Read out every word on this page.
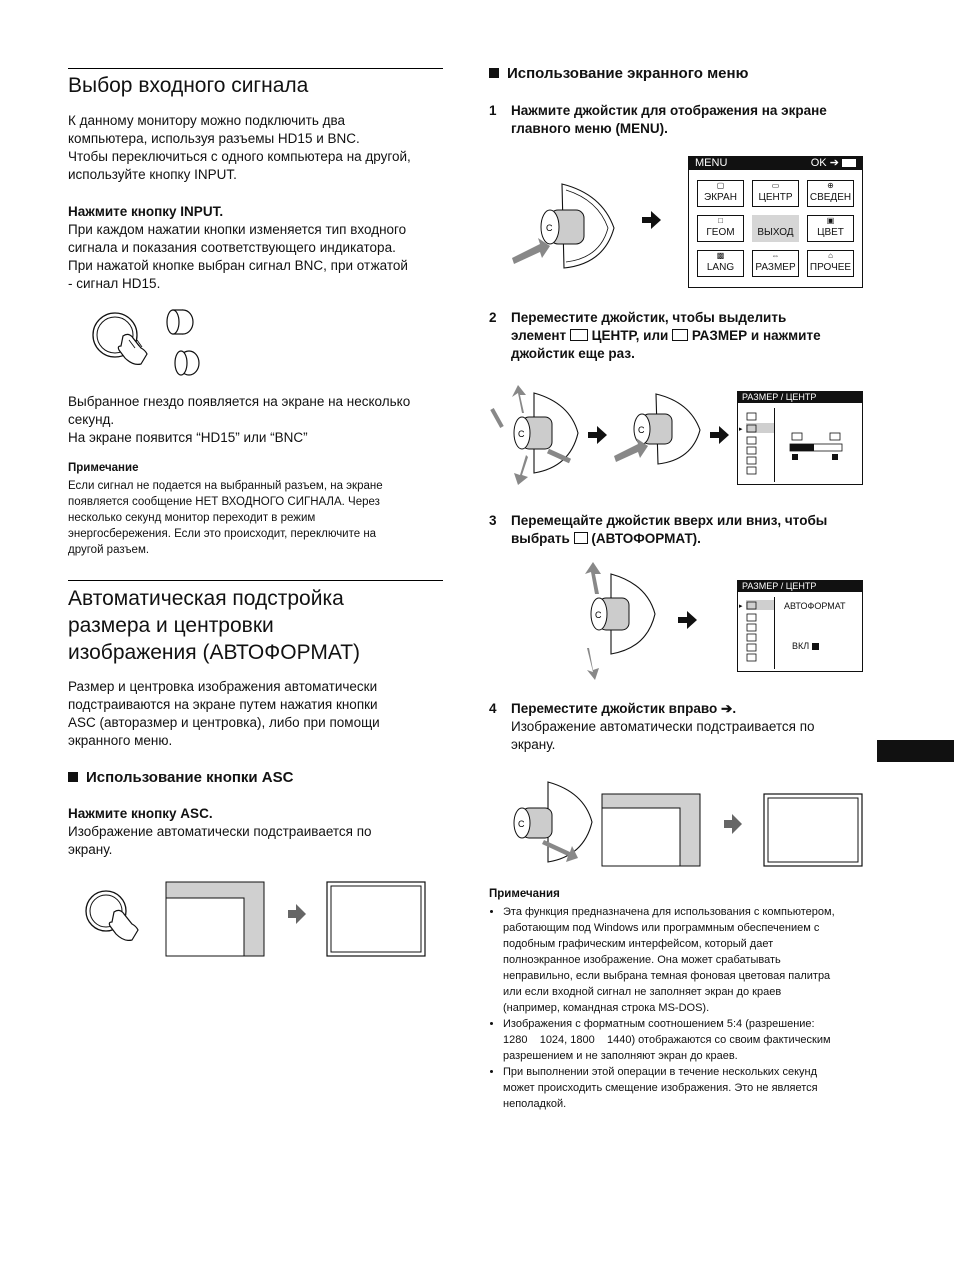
Выбор входного сигнала
К данному монитору можно подключить два
компьютера, используя разъемы HD15 и BNC.
Чтобы переключиться с одного компьютера на другой,
используйте кнопку INPUT.
Нажмите кнопку INPUT.
При каждом нажатии кнопки изменяется тип входного
сигнала и показания соответствующего индикатора.
При нажатой кнопке выбран сигнал BNC, при отжатой
- сигнал HD15.
Выбранное гнездо появляется на экране на несколько
секунд.
На экране появится “HD15” или “BNC”
Примечание
Если сигнал не подается на выбранный разъем, на экране
появляется сообщение НЕТ ВХОДНОГО СИГНАЛА. Через
несколько секунд монитор переходит в режим
энергосбережения. Если это происходит, переключите на
другой разъем.
Автоматическая подстройка
размера и центровки
изображения (АВТОФОРМАТ)
Размер и центровка изображения автоматически
подстраиваются на экране путем нажатия кнопки
ASC (авторазмер и центровка), либо при помощи
экранного меню.
Использование кнопки ASC
Нажмите кнопку ASC.
Изображение автоматически подстраивается по
экрану.
Использование экранного меню
1 Нажмите джойстик для отображения на экране
главного меню (MENU).
C
MENU	OK ➔
▢
ЭКРАН
▭
ЦЕНТР
⊕
СВЕДЕН
□
ГЕОМ	ВЫХОД
▣
ЦВЕТ
▩
LANG
⇔
РАЗМЕР
⌂
ПРОЧЕЕ
2 Переместите джойстик, чтобы выделить
элемент ЦЕНТР, или РАЗМЕР и нажмите
джойстик еще раз.
C	C
РАЗМЕР / ЦЕНТР
▸
3 Перемещайте джойстик вверх или вниз, чтобы
выбрать (АВТОФОРМАТ).
C
РАЗМЕР / ЦЕНТР
▸	АВТОФОРМАТ
ВКЛ
4 Переместите джойстик вправо ➔.
Изображение автоматически подстраивается по
экрану.
C
Примечания
• Эта функция предназначена для использования с компьютером,
работающим под Windows или программным обеспечением с
подобным графическим интерфейсом, который дает
полноэкранное изображение. Она может срабатывать
неправильно, если выбрана темная фоновая цветовая палитра
или если входной сигнал не заполняет экран до краев
(например, командная строка MS-DOS).
• Изображения с форматным соотношением 5:4 (разрешение:
1280    1024, 1800    1440) отображаются со своим фактическим
разрешением и не заполняют экран до краев.
• При выполнении этой операции в течение нескольких секунд
может происходить смещение изображения. Это не является
неполадкой.
